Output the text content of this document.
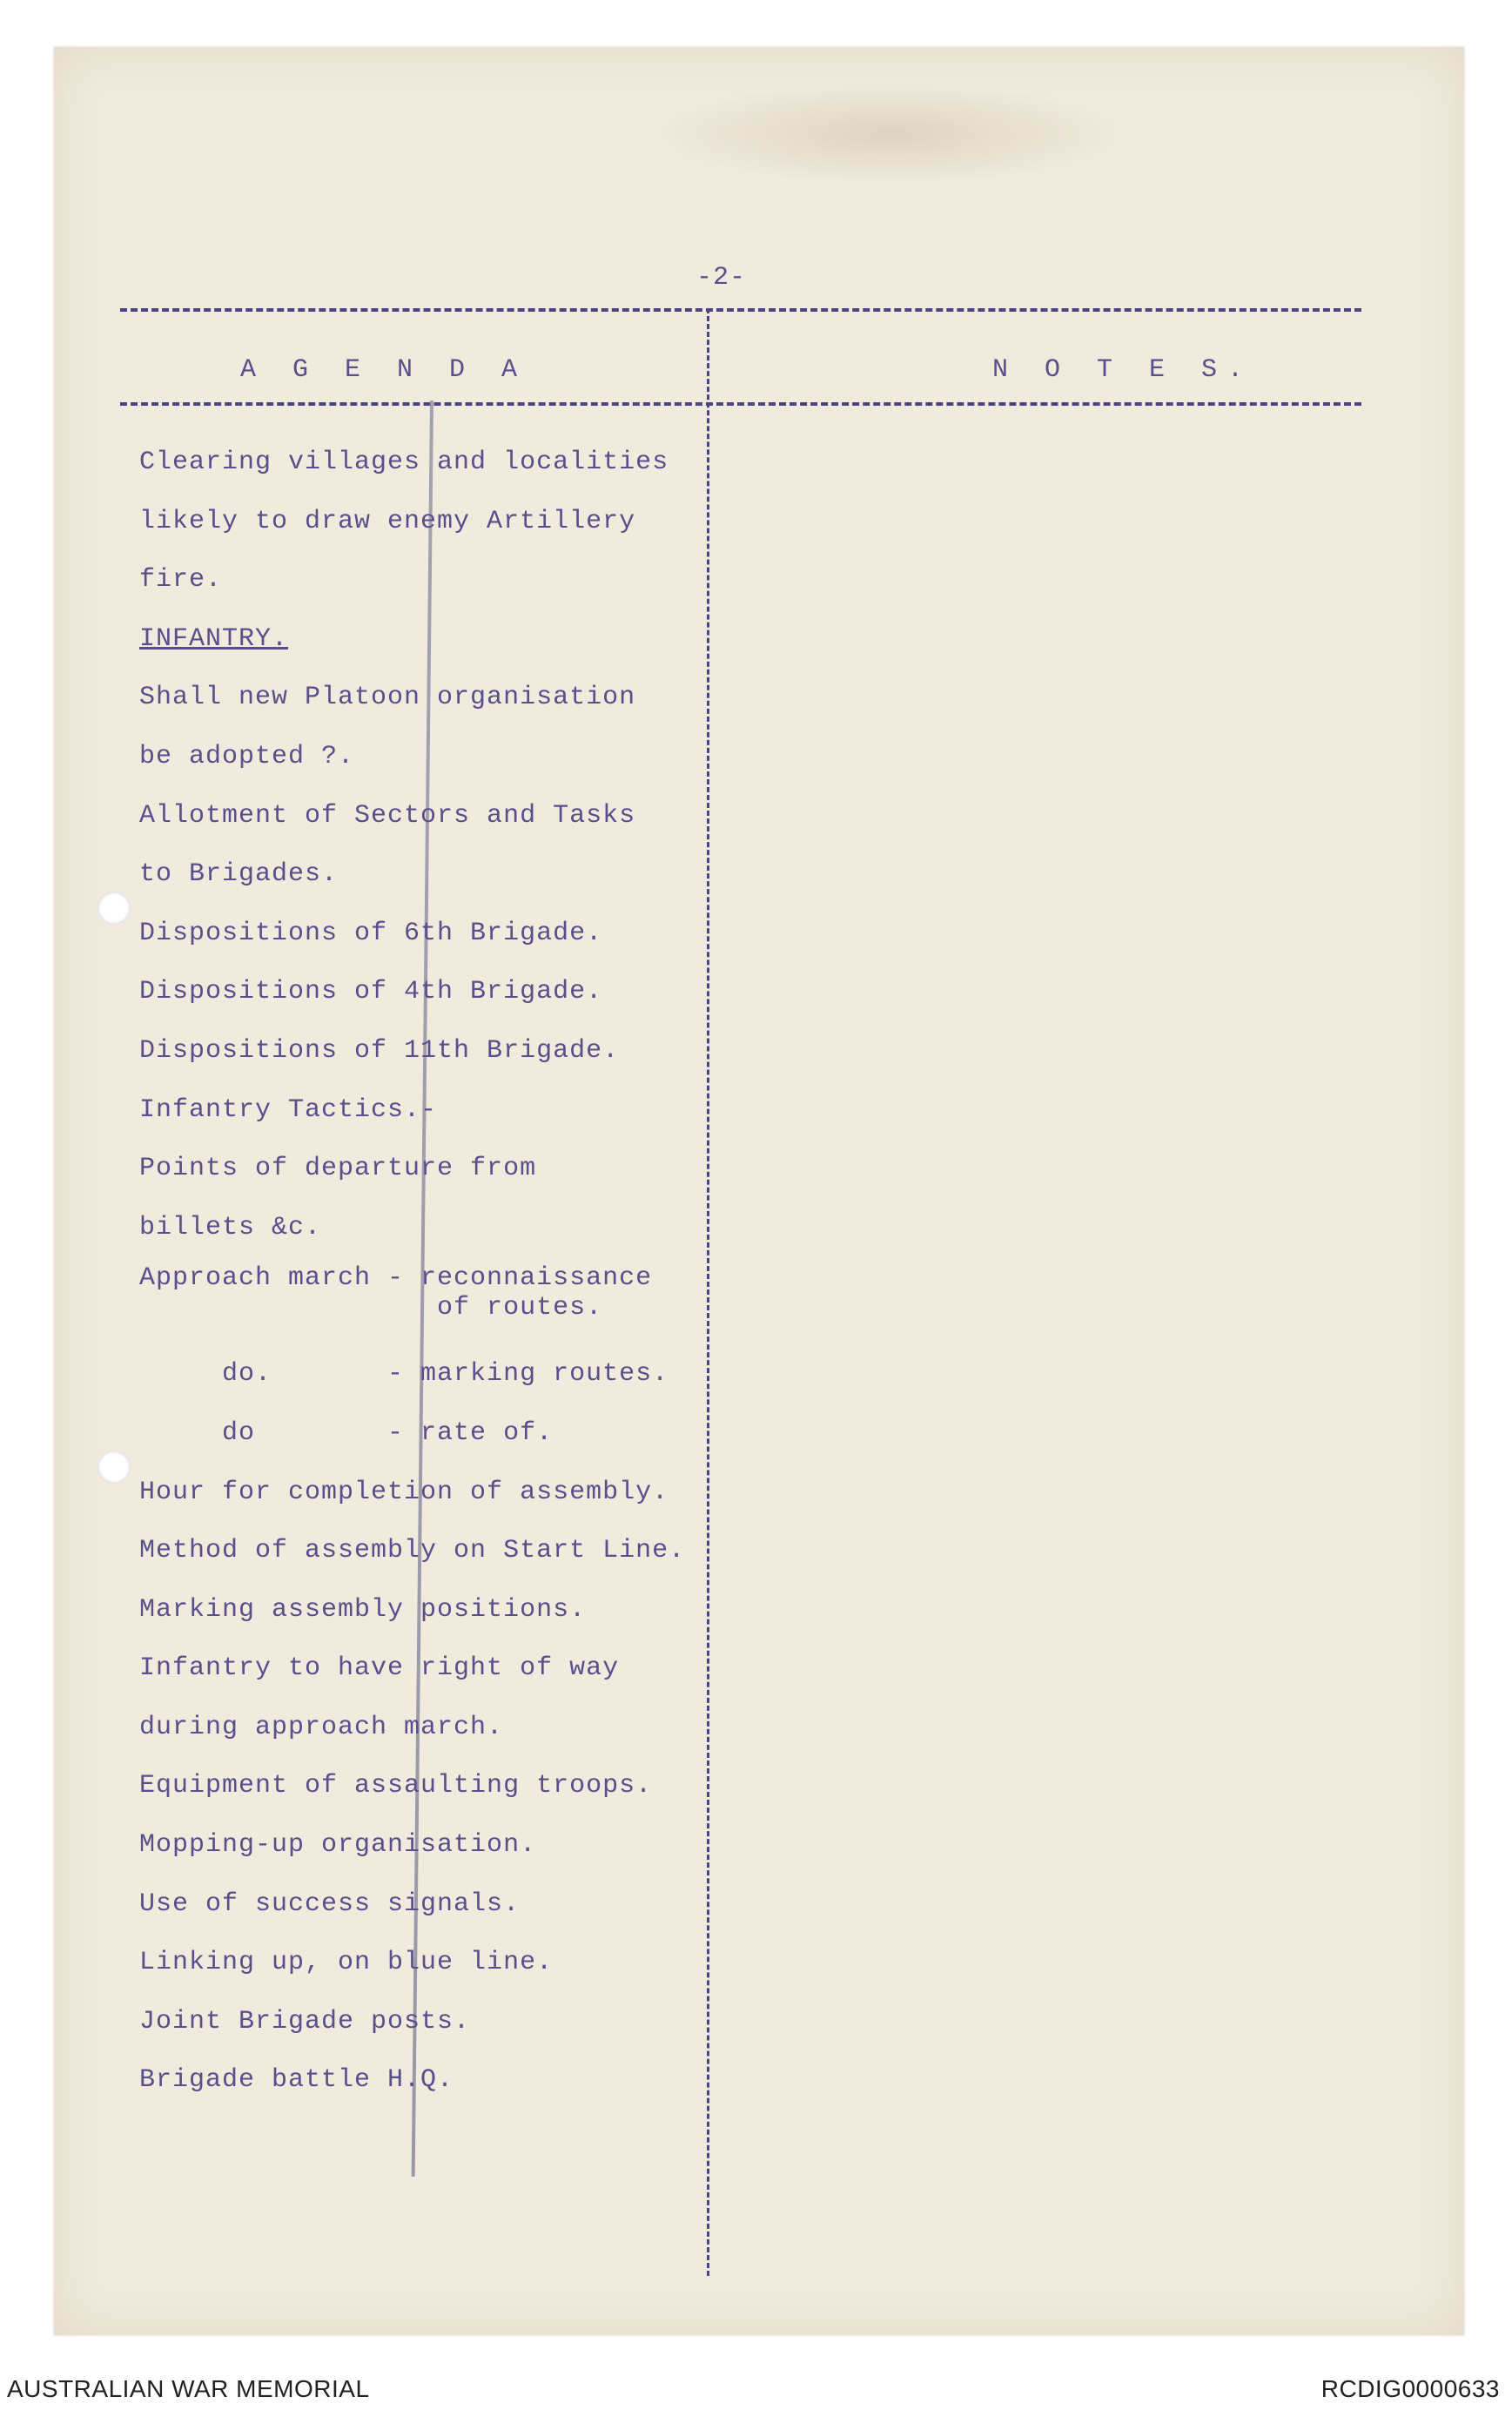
-2-
A G E N D A	N O T E S.
Clearing villages and localities
likely to draw enemy Artillery
fire.
INFANTRY.
Shall new Platoon organisation
be adopted ?.
Allotment of Sectors and Tasks
to Brigades.
Dispositions of 6th Brigade.
Dispositions of 4th Brigade.
Dispositions of 11th Brigade.
Infantry Tactics.-
Points of departure from
billets &c.
Approach march - reconnaissance
of routes.
do.       - marking routes.
do        - rate of.
Hour for completion of assembly.
Method of assembly on Start Line.
Marking assembly positions.
Infantry to have right of way
during approach march.
Equipment of assaulting troops.
Mopping-up organisation.
Use of success signals.
Linking up, on blue line.
Joint Brigade posts.
Brigade battle H.Q.
AUSTRALIAN WAR MEMORIAL	RCDIG0000633
